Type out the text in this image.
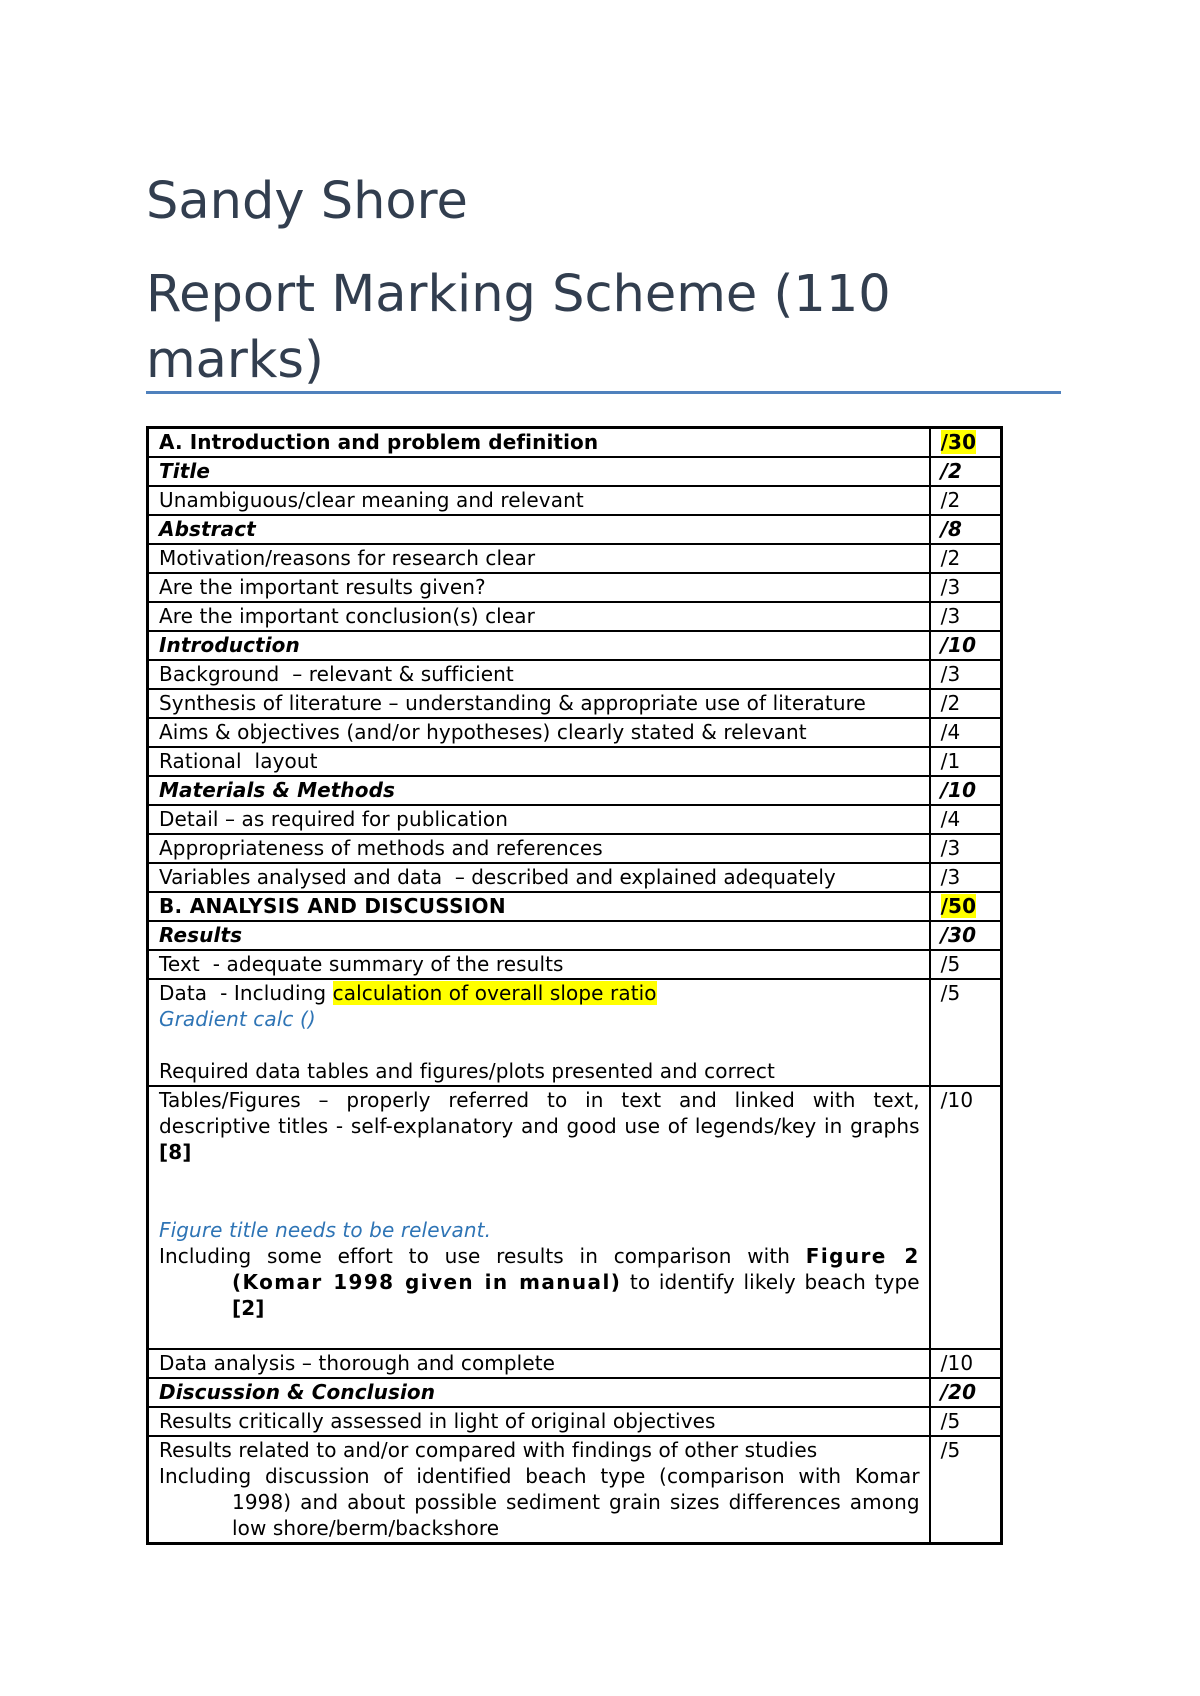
Sandy Shore
Report Marking Scheme (110 marks)
A. Introduction and problem definition	/30
Title	/2
Unambiguous/clear meaning and relevant	/2
Abstract	/8
Motivation/reasons for research clear	/2
Are the important results given?	/3
Are the important conclusion(s) clear	/3
Introduction	/10
Background  – relevant & sufficient	/3

Synthesis of literature – understanding & appropriate use of literature	/2
Aims & objectives (and/or hypotheses) clearly stated & relevant	/4
Rational  layout	/1
Materials & Methods	/10
Detail – as required for publication	/4
Appropriateness of methods and references	/3
Variables analysed and data  – described and explained adequately	/3
B. ANALYSIS AND DISCUSSION	/50
Results	/30
Text  - adequate summary of the results	/5

Data  - Including calculation of overall slope ratio
Gradient calc ()
Required data tables and figures/plots presented and correct	/5

Tables/Figures – properly referred to in text and linked with text, descriptive titles - self-explanatory and good use of legends/key in graphs [8]
Figure title needs to be relevant.
Including some effort to use results in comparison with Figure 2 (Komar 1998 given in manual) to identify likely beach type [2]	/10
Data analysis – thorough and complete	/10
Discussion & Conclusion	/20
Results critically assessed in light of original objectives	/5

Results related to and/or compared with findings of other studies
Including discussion of identified beach type (comparison with Komar 1998) and about possible sediment grain sizes differences among low shore/berm/backshore	/5
